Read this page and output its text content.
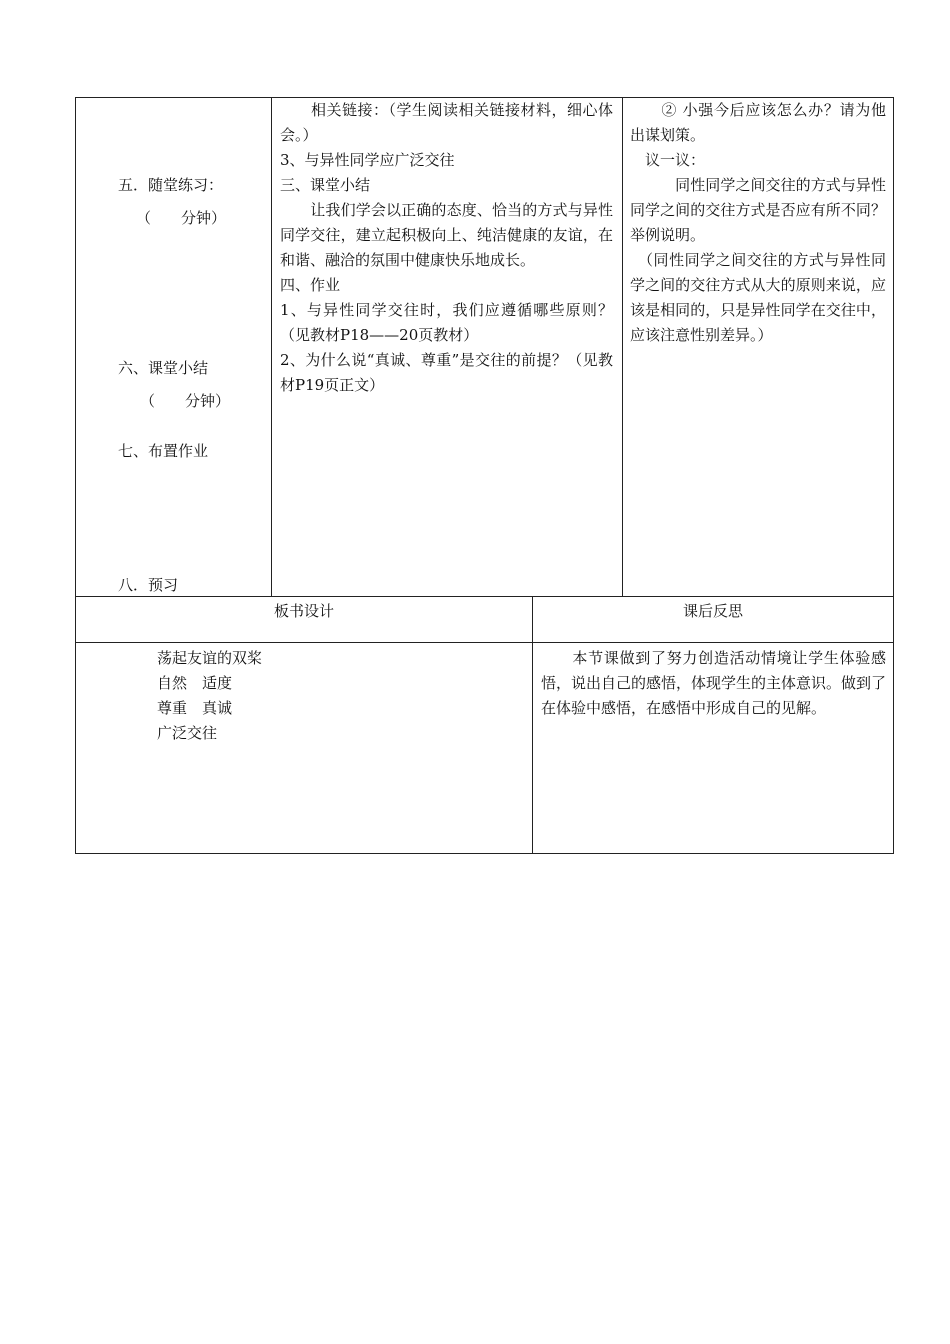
五．随堂练习：
（　　分钟）
六、课堂小结
（　　分钟）
七、布置作业
八．预习
　　相关链接：（学生阅读相关链接材料，细心体会。）
3、与异性同学应广泛交往
三、课堂小结
　　让我们学会以正确的态度、恰当的方式与异性同学交往，建立起积极向上、纯洁健康的友谊，在和谐、融洽的氛围中健康快乐地成长。
四、作业
1、与异性同学交往时，我们应遵循哪些原则？（见教材P18——20页教材）
2、为什么说“真诚、尊重”是交往的前提？（见教材P19页正文）
　　② 小强今后应该怎么办？请为他出谋划策。
　议一议：
　　　同性同学之间交往的方式与异性同学之间的交往方式是否应有所不同？举例说明。
　（同性同学之间交往的方式与异性同学之间的交往方式从大的原则来说，应该是相同的，只是异性同学在交往中，应该注意性别差异。）
板书设计	课后反思
荡起友谊的双桨
自然　适度
尊重　真诚
广泛交往
　　本节课做到了努力创造活动情境让学生体验感悟，说出自己的感悟，体现学生的主体意识。做到了在体验中感悟，在感悟中形成自己的见解。
